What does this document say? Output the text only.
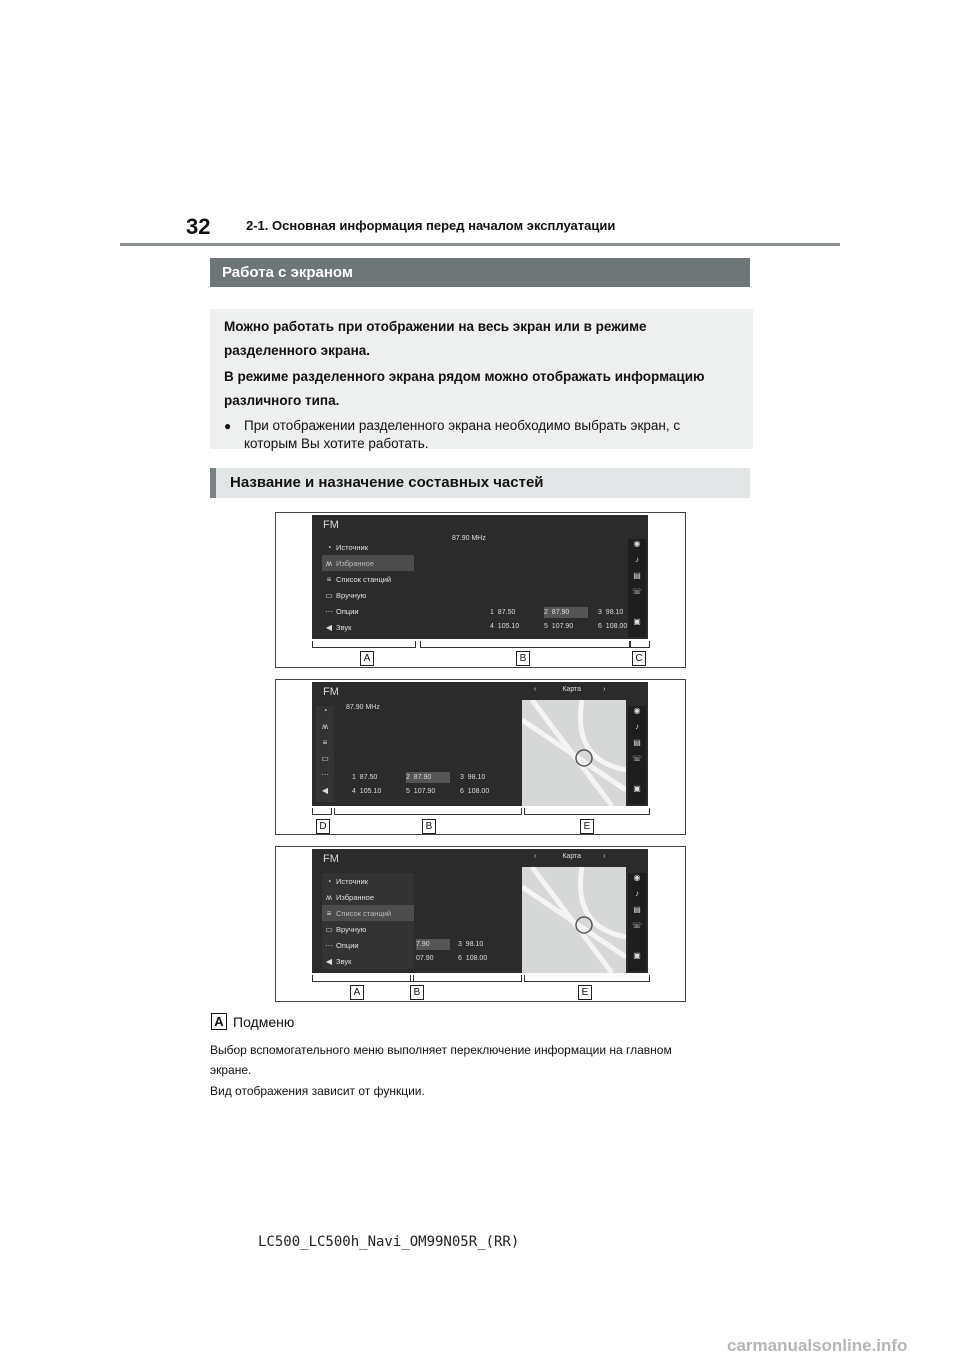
32	2-1. Основная информация перед началом эксплуатации
Работа с экраном

Можно работать при отображении на весь экран или в режиме

разделенного экрана.

В режиме разделенного экрана рядом можно отображать информацию

различного типа.

● При отображении разделенного экрана необходимо выбрать экран, с
которым Вы хотите работать.
Название и назначение составных частей
FM
87.90 MHz
◔ Источник
ʍ Избранное
≡ Список станций
▭ Вручную
··· Опции
◀ Звук
1 87.50	2 87.90	3 98.10
4 105.10	5 107.90	6 108.00
◉
♪
▤
☏
▣
A	B	C
FM
87.90 MHz
◔
ʍ
≡
▭
···
◀
1 87.50	2 87.90	3 98.10
4 105.10	5 107.90	6 108.00
‹	Карта	›
◉
♪
▤
☏
▣
D	B	E
FM
◔ Источник
ʍ Избранное
≡ Список станций
▭ Вручную
··· Опции
◀ Звук
7.90	3 98.10
07.90	6 108.00
‹	Карта	›
◉
♪
▤
☏
▣
A	B	E
A Подменю
Выбор вспомогательного меню выполняет переключение информации на главном
экране.
Вид отображения зависит от функции.
LC500_LC500h_Navi_OM99N05R_(RR)
carmanualsonline.info
